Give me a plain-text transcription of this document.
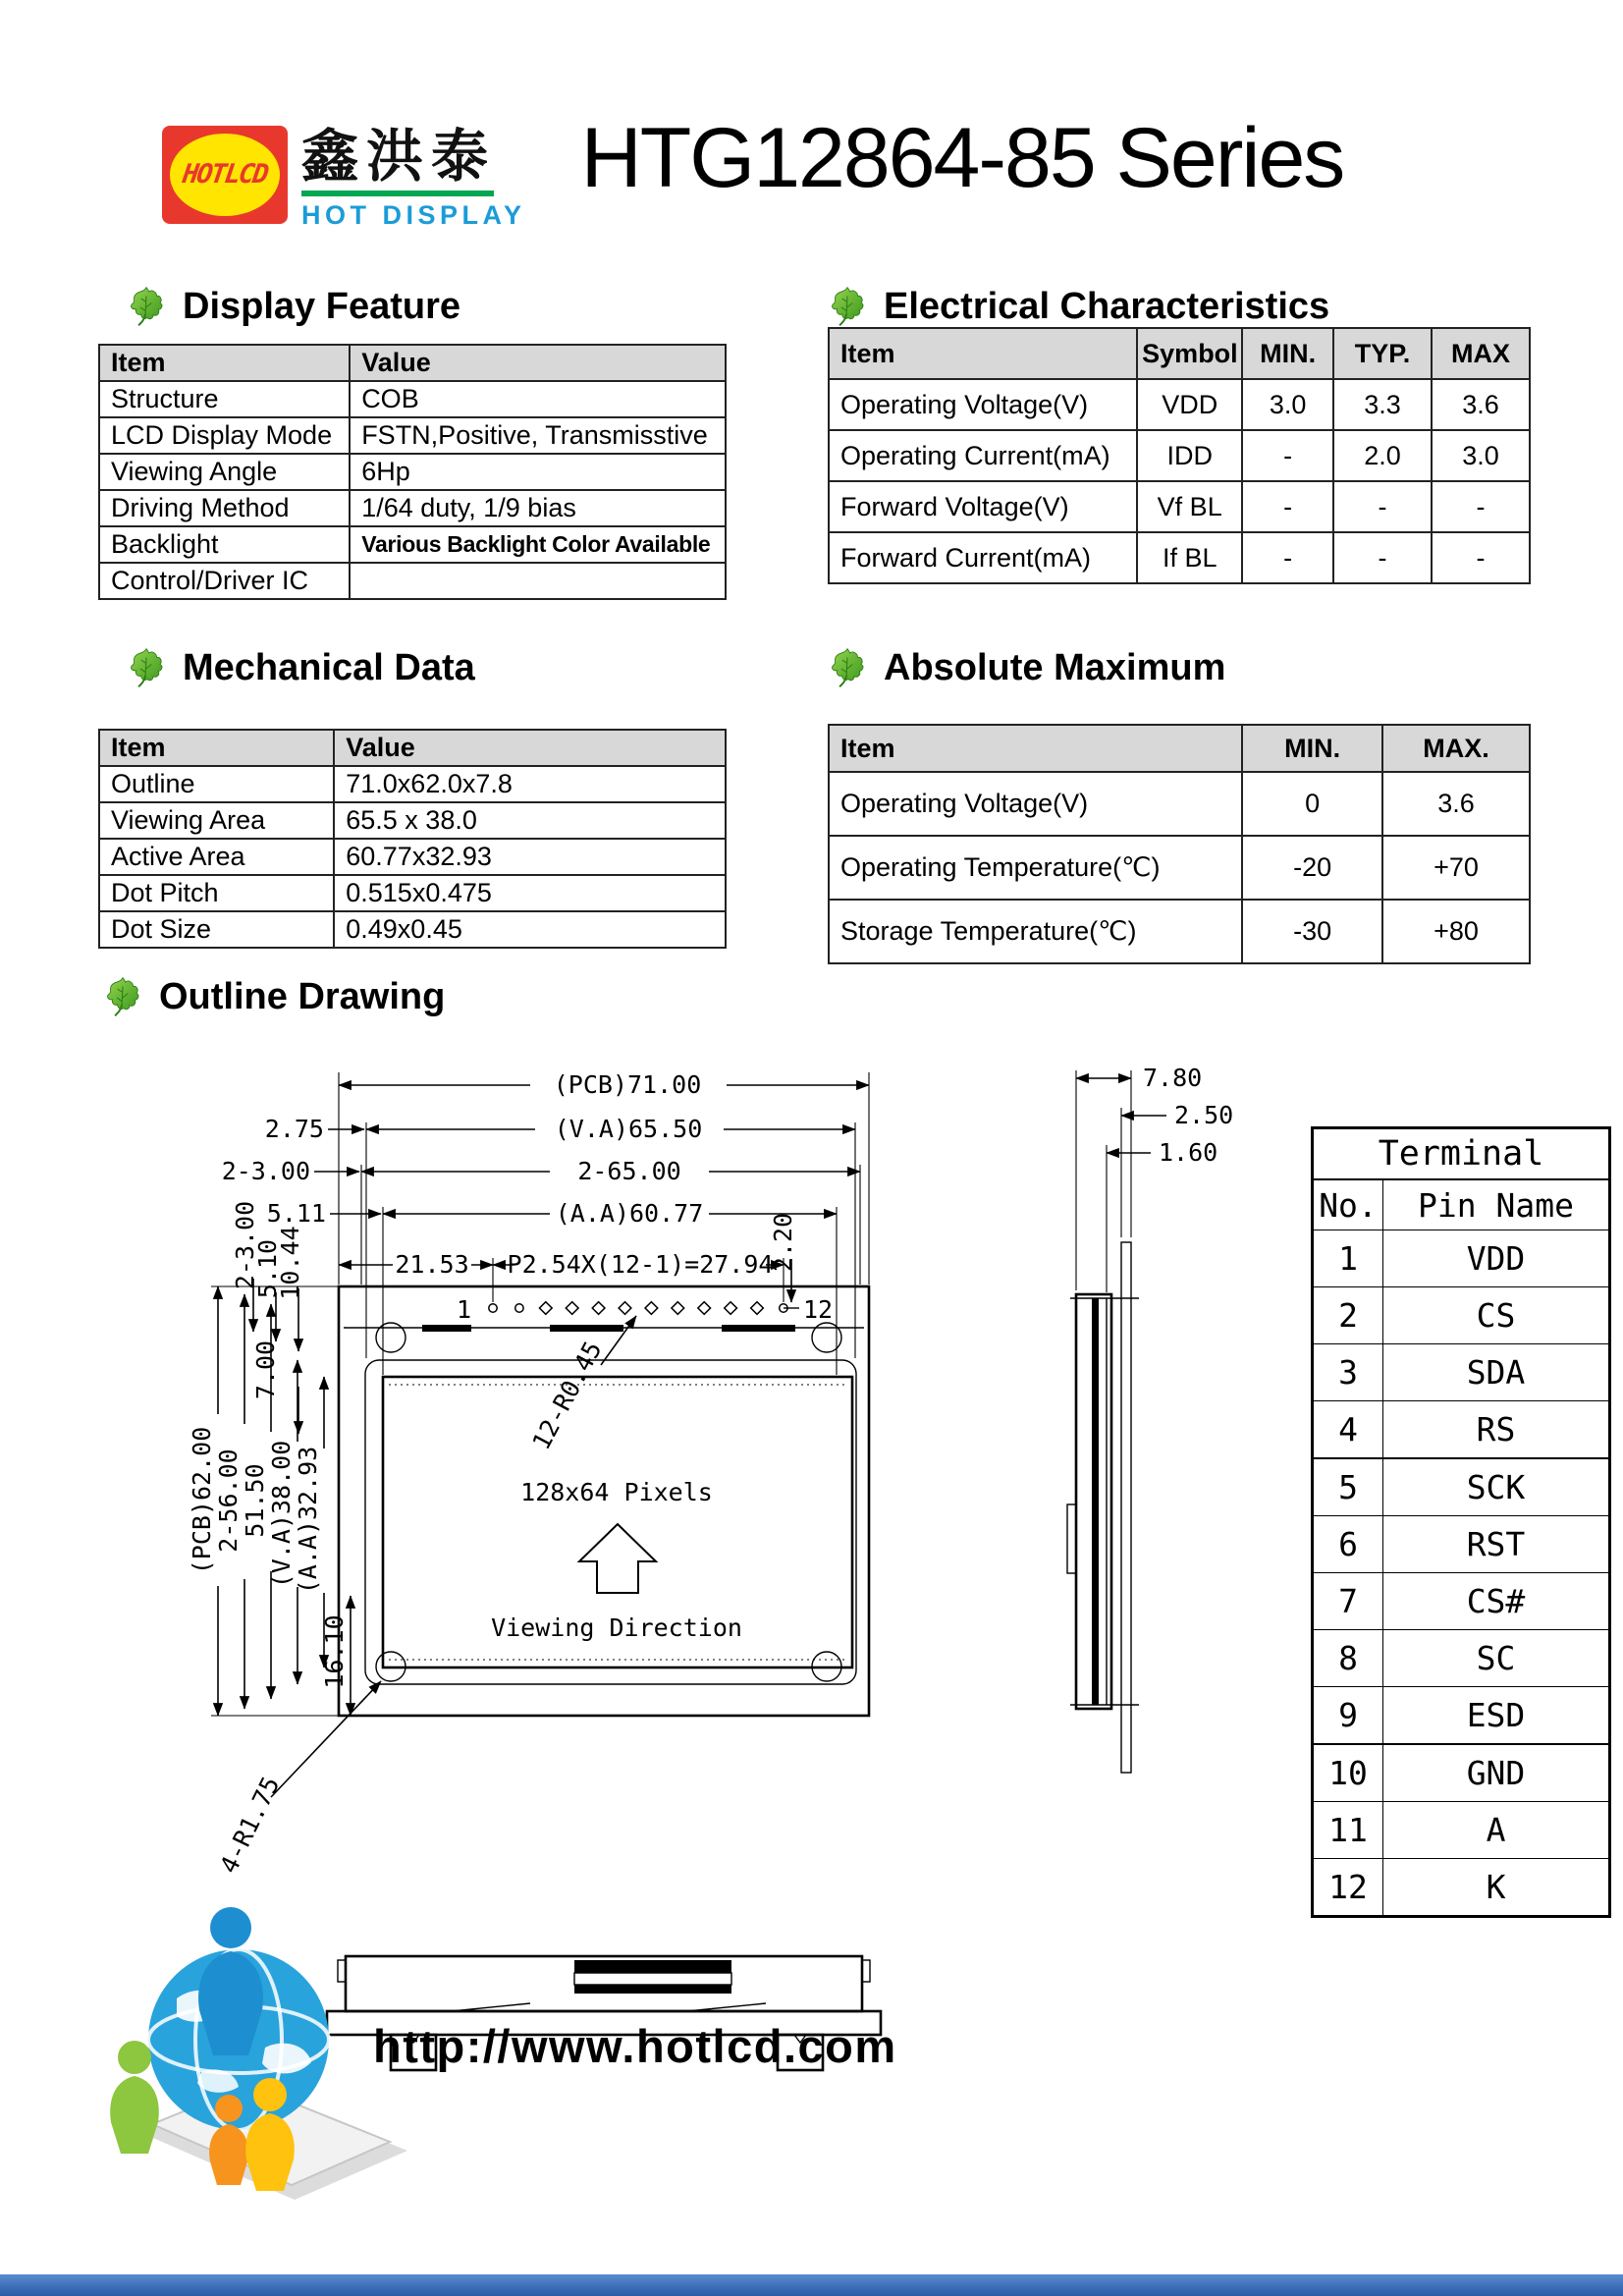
HOTLCD 鑫洪泰
HOT DISPLAY
HTG12864-85 Series
Display Feature	Electrical Characteristics
Mechanical Data	Absolute Maximum
Outline Drawing
Item	Value
Structure	COB
LCD Display Mode	FSTN,Positive, Transmisstive
Viewing Angle	6Hp
Driving Method	1/64 duty, 1/9 bias
Backlight	Various Backlight Color Available
Control/Driver IC	
Item	Symbol	MIN.	TYP.	MAX
Operating Voltage(V)	VDD	3.0	3.3	3.6
Operating Current(mA)	IDD	-	2.0	3.0
Forward Voltage(V)	Vf BL	-	-	-
Forward Current(mA)	If BL	-	-	-
Item	Value
Outline	71.0x62.0x7.8
Viewing Area	65.5 x 38.0
Active Area	60.77x32.93
Dot Pitch	0.515x0.475
Dot Size	0.49x0.45
Item	MIN.	MAX.
Operating Voltage(V)	0	3.6
Operating Temperature(℃)	-20	+70
Storage Temperature(℃)	-30	+80
Terminal	
No.	Pin Name
1	VDD
2	CS
3	SDA
4	RS
5	SCK
6	RST
7	CS#
8	SC
9	ESD
10	GND
11	A
12	K
1	12
128x64 Pixels
Viewing Direction
(PCB)71.00
(V.A)65.50
2.75
2-65.00
2-3.00
(A.A)60.77
5.11
21.53 P2.54X(12-1)=27.94
12-R0.45
2.20
(PCB)62.00
2-56.00
51.50
(V.A)38.00
(A.A)32.93
16.10
2-3.00
5.10
10.44
7.00
4-R1.75
7.80
2.50
1.60
http://www.hotlcd.com
